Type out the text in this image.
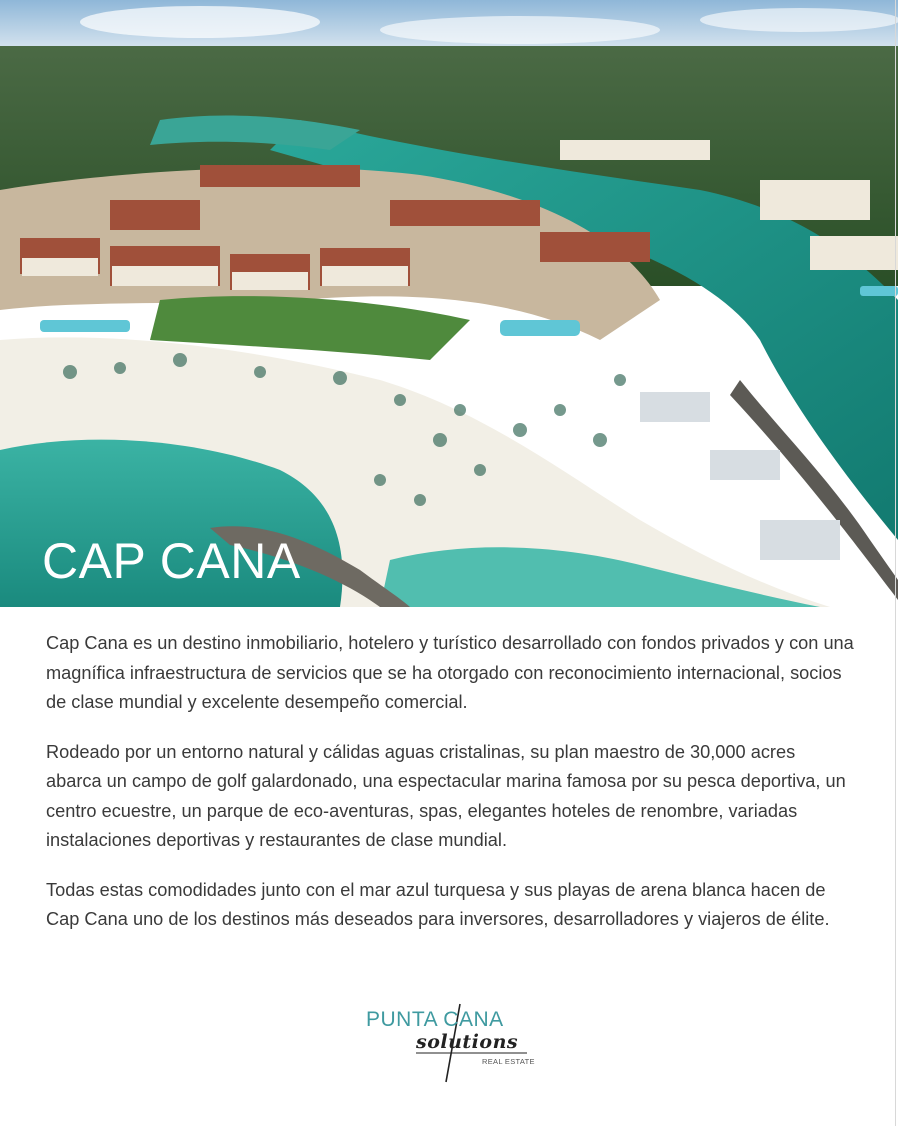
CAP CANA

Cap Cana es un destino inmobiliario, hotelero y turístico desarrollado con fondos privados y con una magnífica infraestructura de servicios que se ha otorgado con reconocimiento internacional, socios de clase mundial y excelente desempeño comercial.

Rodeado por un entorno natural y cálidas aguas cristalinas, su plan maestro de 30,000 acres abarca un campo de golf galardonado, una espectacular marina famosa por su pesca deportiva, un centro ecuestre, un parque de eco-aventuras, spas, elegantes hoteles de renombre, variadas instalaciones deportivas y restaurantes de clase mundial.

Todas estas comodidades junto con el mar azul turquesa y sus playas de arena blanca hacen de Cap Cana uno de los destinos más deseados para inversores, desarrolladores y viajeros de élite.

PUNTA CANA
solutions
REAL ESTATE
